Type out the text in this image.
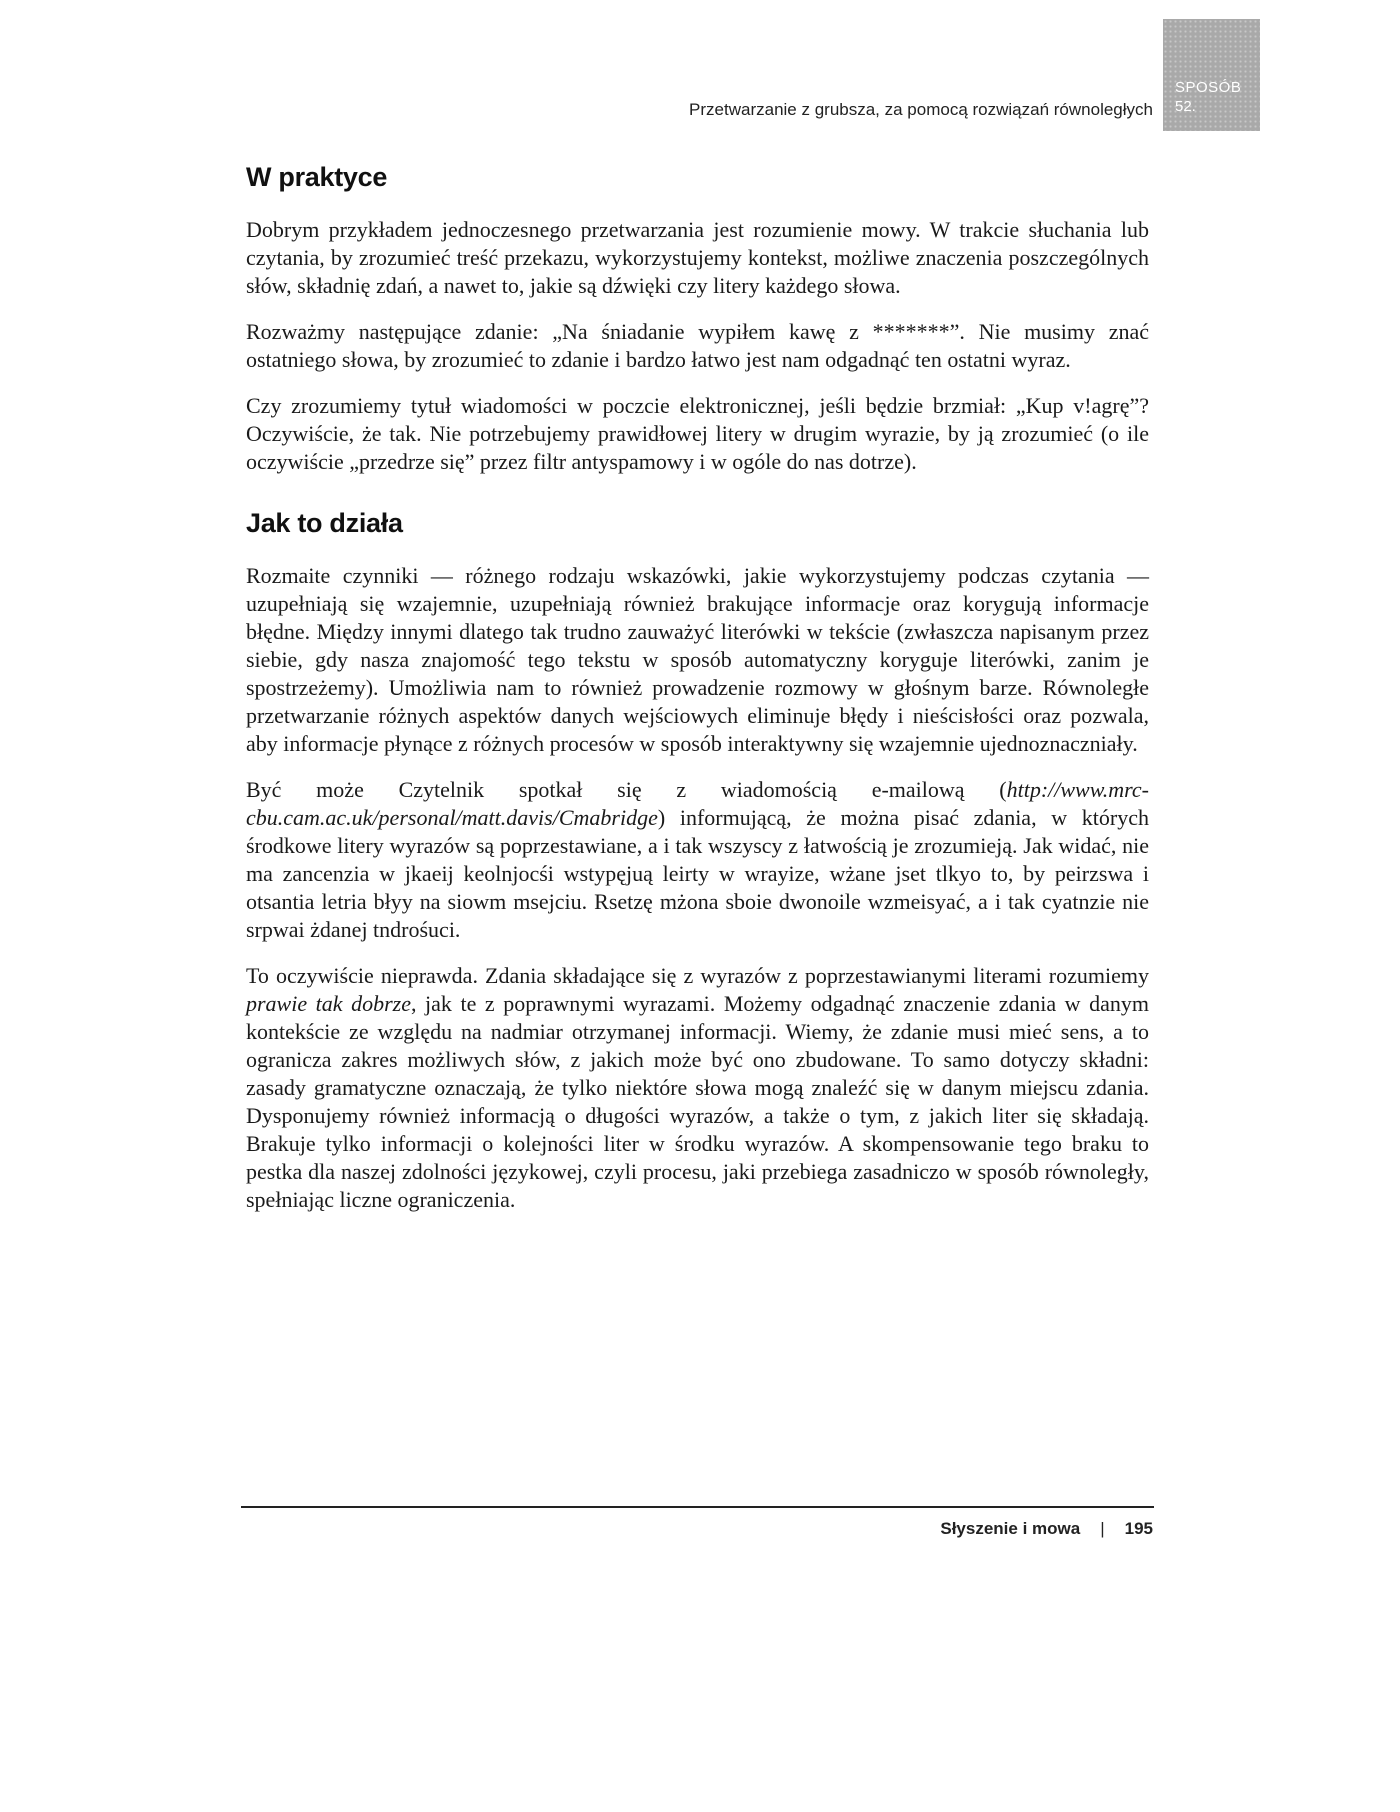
SPOSÓB
52.
Przetwarzanie z grubsza, za pomocą rozwiązań równoległych
W praktyce

Dobrym przykładem jednoczesnego przetwarzania jest rozumienie mowy. W trakcie słuchania lub czytania, by zrozumieć treść przekazu, wykorzystujemy kontekst, możliwe znaczenia poszczególnych słów, składnię zdań, a nawet to, jakie są dźwięki czy litery każdego słowa.

Rozważmy następujące zdanie: „Na śniadanie wypiłem kawę z *******”. Nie musimy znać ostatniego słowa, by zrozumieć to zdanie i bardzo łatwo jest nam odgadnąć ten ostatni wyraz.

Czy zrozumiemy tytuł wiadomości w poczcie elektronicznej, jeśli będzie brzmiał: „Kup v!agrę”? Oczywiście, że tak. Nie potrzebujemy prawidłowej litery w drugim wyrazie, by ją zrozumieć (o ile oczywiście „przedrze się” przez filtr antyspamowy i w ogóle do nas dotrze).

Jak to działa

Rozmaite czynniki — różnego rodzaju wskazówki, jakie wykorzystujemy podczas czytania — uzupełniają się wzajemnie, uzupełniają również brakujące informacje oraz korygują informacje błędne. Między innymi dlatego tak trudno zauważyć literówki w tekście (zwłaszcza napisanym przez siebie, gdy nasza znajomość tego tekstu w sposób automatyczny koryguje literówki, zanim je spostrzeżemy). Umożliwia nam to również prowadzenie rozmowy w głośnym barze. Równoległe przetwarzanie różnych aspektów danych wejściowych eliminuje błędy i nieścisłości oraz pozwala, aby informacje płynące z różnych procesów w sposób interaktywny się wzajemnie ujednoznaczniały.

Być może Czytelnik spotkał się z wiadomością e-mailową (http://www.mrc-cbu.cam.ac.uk/personal/matt.davis/Cmabridge) informującą, że można pisać zdania, w których środkowe litery wyrazów są poprzestawiane, a i tak wszyscy z łatwością je zrozumieją. Jak widać, nie ma zancenzia w jkaeij keolnjocśi wstypęjuą leirty w wrayize, wżane jset tlkyo to, by peirzswa i otsantia letria błyy na siowm msejciu. Rsetzę mżona sboie dwonoile wzmeisyać, a i tak cyatnzie nie srpwai żdanej tndrośuci.

To oczywiście nieprawda. Zdania składające się z wyrazów z poprzestawianymi literami rozumiemy prawie tak dobrze, jak te z poprawnymi wyrazami. Możemy odgadnąć znaczenie zdania w danym kontekście ze względu na nadmiar otrzymanej informacji. Wiemy, że zdanie musi mieć sens, a to ogranicza zakres możliwych słów, z jakich może być ono zbudowane. To samo dotyczy składni: zasady gramatyczne oznaczają, że tylko niektóre słowa mogą znaleźć się w danym miejscu zdania. Dysponujemy również informacją o długości wyrazów, a także o tym, z jakich liter się składają. Brakuje tylko informacji o kolejności liter w środku wyrazów. A skompensowanie tego braku to pestka dla naszej zdolności językowej, czyli procesu, jaki przebiega zasadniczo w sposób równoległy, spełniając liczne ograniczenia.

Słyszenie i mowa | 195
